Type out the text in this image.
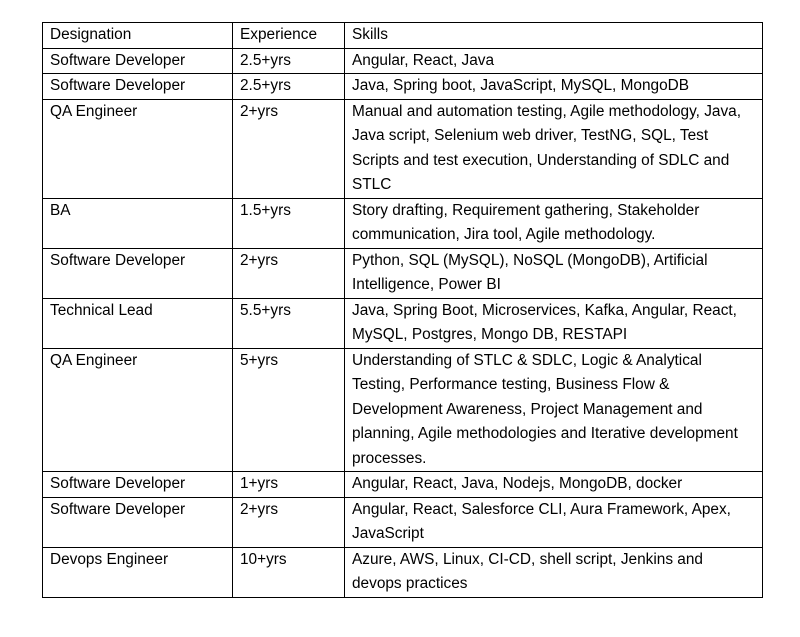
Designation	Experience	Skills
Software Developer	2.5+yrs	Angular, React, Java
Software Developer	2.5+yrs	Java, Spring boot, JavaScript, MySQL, MongoDB
QA Engineer	2+yrs	Manual and automation testing, Agile methodology, Java, Java script, Selenium web driver, TestNG, SQL, Test Scripts and test execution, Understanding of SDLC and STLC
BA	1.5+yrs	Story drafting, Requirement gathering, Stakeholder communication, Jira tool, Agile methodology.
Software Developer	2+yrs	Python, SQL (MySQL), NoSQL (MongoDB), Artificial Intelligence, Power BI
Technical Lead	5.5+yrs	Java, Spring Boot, Microservices, Kafka, Angular, React, MySQL, Postgres, Mongo DB, RESTAPI
QA Engineer	5+yrs	Understanding of STLC & SDLC, Logic & Analytical Testing, Performance testing, Business Flow & Development Awareness, Project Management and planning, Agile methodologies and Iterative development processes.
Software Developer	1+yrs	Angular, React, Java, Nodejs, MongoDB, docker
Software Developer	2+yrs	Angular, React, Salesforce CLI, Aura Framework, Apex, JavaScript
Devops Engineer	10+yrs	Azure, AWS, Linux, CI-CD, shell script, Jenkins and devops practices
